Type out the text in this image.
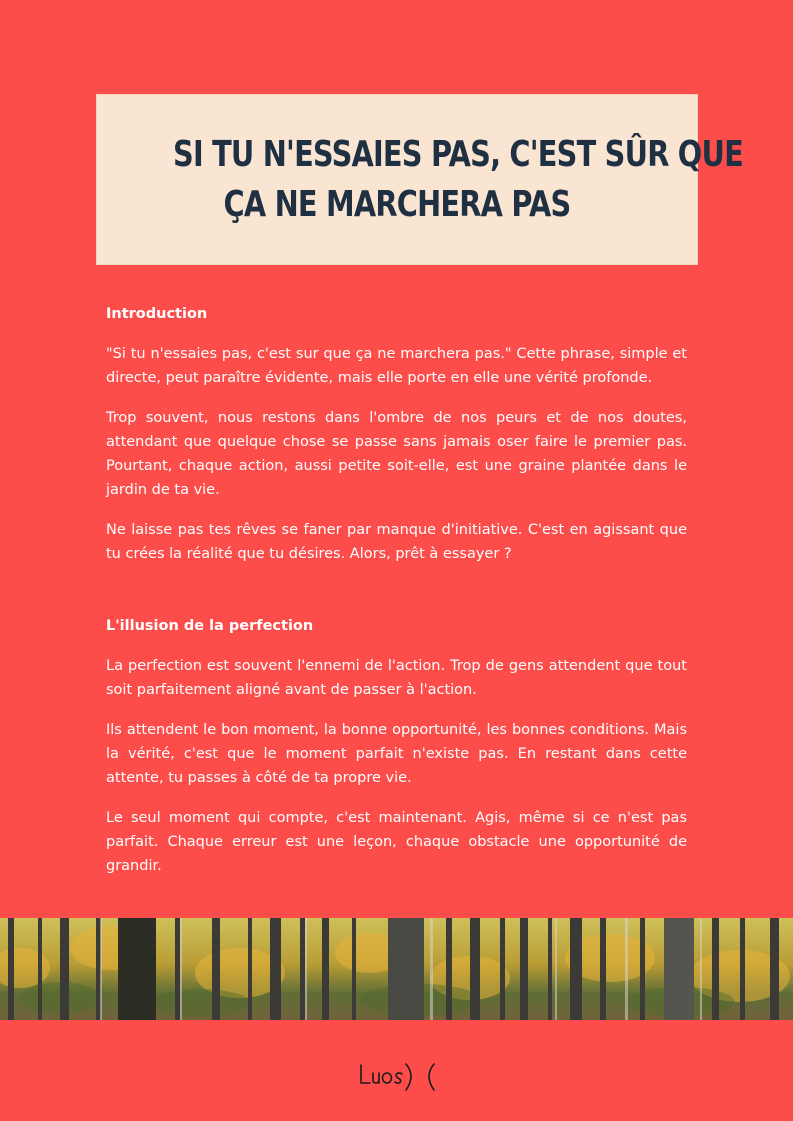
SI TU N'ESSAIES PAS, C'EST SÛR QUE
ÇA NE MARCHERA PAS
Introduction

"Si tu n'essaies pas, c'est sur que ça ne marchera pas." Cette phrase, simple et directe, peut paraître évidente, mais elle porte en elle une vérité profonde.

Trop souvent, nous restons dans l'ombre de nos peurs et de nos doutes, attendant que quelque chose se passe sans jamais oser faire le premier pas. Pourtant, chaque action, aussi petite soit-elle, est une graine plantée dans le jardin de ta vie.

Ne laisse pas tes rêves se faner par manque d'initiative. C'est en agissant que tu crées la réalité que tu désires. Alors, prêt à essayer ?

L'illusion de la perfection

La perfection est souvent l'ennemi de l'action. Trop de gens attendent que tout soit parfaitement aligné avant de passer à l'action.

Ils attendent le bon moment, la bonne opportunité, les bonnes conditions. Mais la vérité, c'est que le moment parfait n'existe pas. En restant dans cette attente, tu passes à côté de ta propre vie.

Le seul moment qui compte, c'est maintenant. Agis, même si ce n'est pas parfait. Chaque erreur est une leçon, chaque obstacle une opportunité de grandir.
